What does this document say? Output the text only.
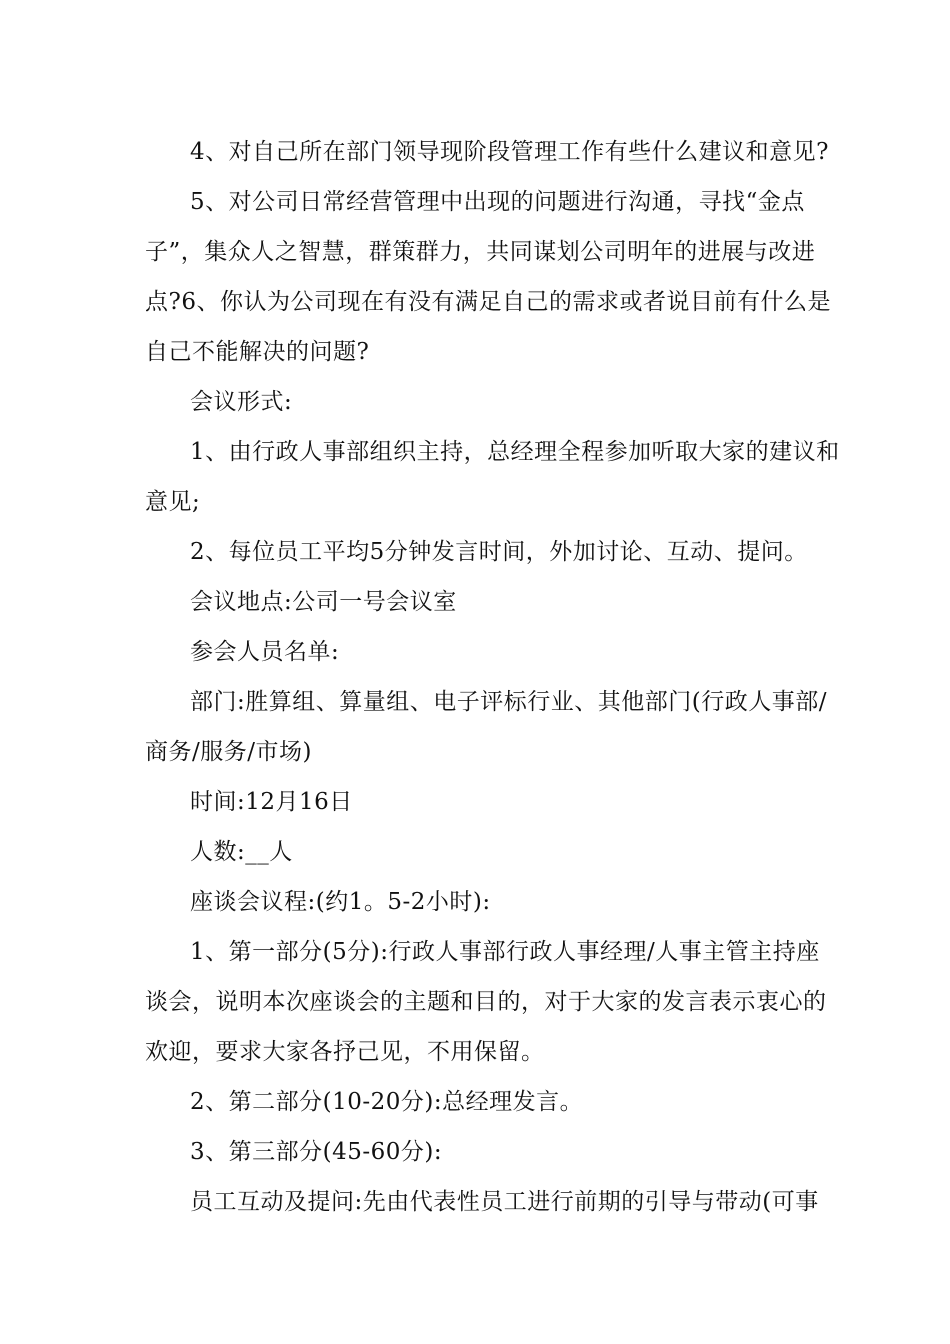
4、对自己所在部门领导现阶段管理工作有些什么建议和意见?
5、对公司日常经营管理中出现的问题进行沟通，寻找“金点
子”，集众人之智慧，群策群力，共同谋划公司明年的进展与改进
点?6、你认为公司现在有没有满足自己的需求或者说目前有什么是
自己不能解决的问题?
会议形式:
1、由行政人事部组织主持，总经理全程参加听取大家的建议和
意见;
2、每位员工平均5分钟发言时间，外加讨论、互动、提问。
会议地点:公司一号会议室
参会人员名单:
部门:胜算组、算量组、电子评标行业、其他部门(行政人事部/
商务/服务/市场)
时间:12月16日
人数:__人
座谈会议程:(约1。5-2小时):
1、第一部分(5分):行政人事部行政人事经理/人事主管主持座
谈会，说明本次座谈会的主题和目的，对于大家的发言表示衷心的
欢迎，要求大家各抒己见，不用保留。
2、第二部分(10-20分):总经理发言。
3、第三部分(45-60分):
员工互动及提问:先由代表性员工进行前期的引导与带动(可事
